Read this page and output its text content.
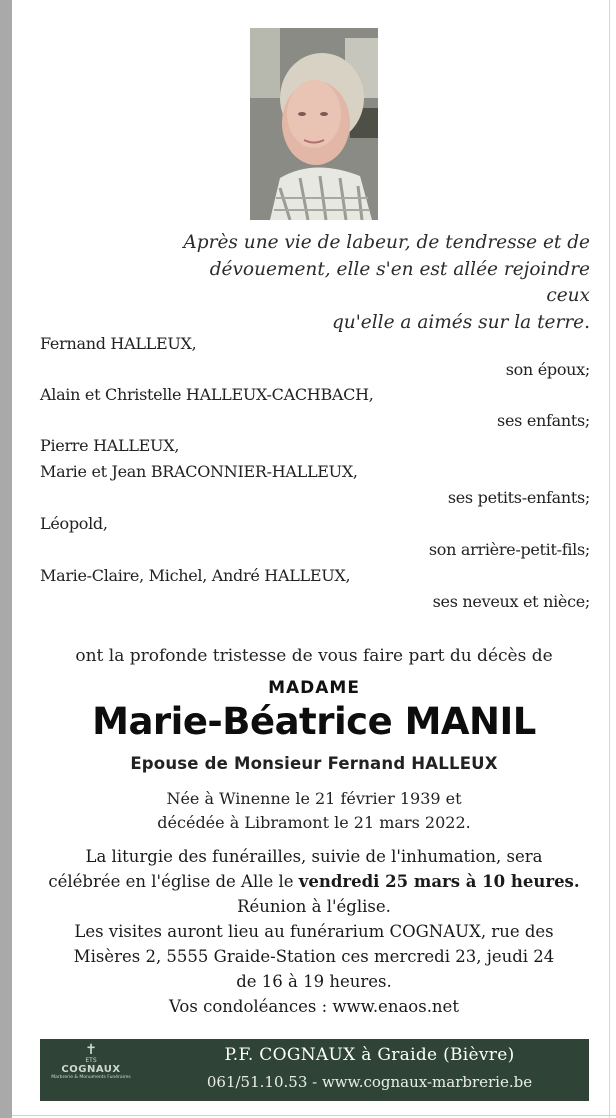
Après une vie de labeur, de tendresse et de
dévouement, elle s'en est allée rejoindre ceux
qu'elle a aimés sur la terre.
Fernand HALLEUX,
son époux;
Alain et Christelle HALLEUX-CACHBACH,
ses enfants;
Pierre HALLEUX,
Marie et Jean BRACONNIER-HALLEUX,
ses petits-enfants;
Léopold,
son arrière-petit-fils;
Marie-Claire, Michel, André HALLEUX,
ses neveux et nièce;
ont la profonde tristesse de vous faire part du décès de
MADAME
Marie-Béatrice MANIL
Epouse de Monsieur Fernand HALLEUX
Née à Winenne le 21 février 1939 et
décédée à Libramont le 21 mars 2022.
La liturgie des funérailles, suivie de l'inhumation, sera
célébrée en l'église de Alle le vendredi 25 mars à 10 heures.
Réunion à l'église.
Les visites auront lieu au funérarium COGNAUX, rue des
Misères 2, 5555 Graide-Station ces mercredi 23, jeudi 24
de 16 à 19 heures.
Vos condoléances : www.enaos.net
✝
ETS
COGNAUX
Marbrerie & Monuments Funéraires
P.F. COGNAUX à Graide (Bièvre)
061/51.10.53 - www.cognaux-marbrerie.be
